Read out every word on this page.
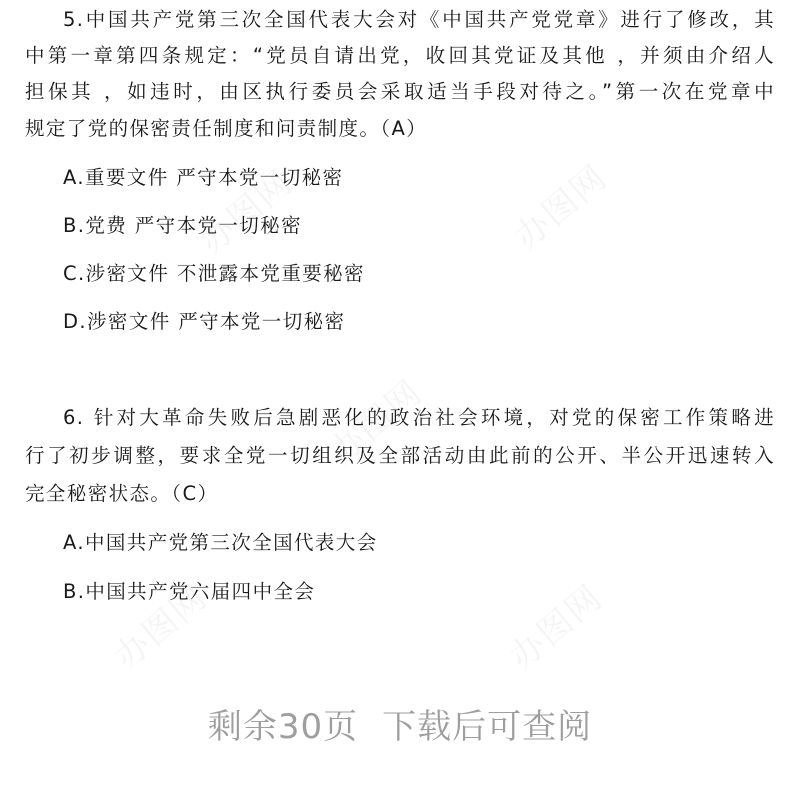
5.中国共产党第三次全国代表大会对《中国共产党党章》进行了修改，其
中第一章第四条规定：“党员自请出党，收回其党证及其他 ，并须由介绍人
担保其 ，如违时，由区执行委员会采取适当手段对待之。”第一次在党章中
规定了党的保密责任制度和问责制度。（A）
A.重要文件 严守本党一切秘密
B.党费 严守本党一切秘密
C.涉密文件 不泄露本党重要秘密
D.涉密文件 严守本党一切秘密
6. 针对大革命失败后急剧恶化的政治社会环境，对党的保密工作策略进
行了初步调整，要求全党一切组织及全部活动由此前的公开、半公开迅速转入
完全秘密状态。（C）
A.中国共产党第三次全国代表大会
B.中国共产党六届四中全会
剩余30页 下载后可查阅
